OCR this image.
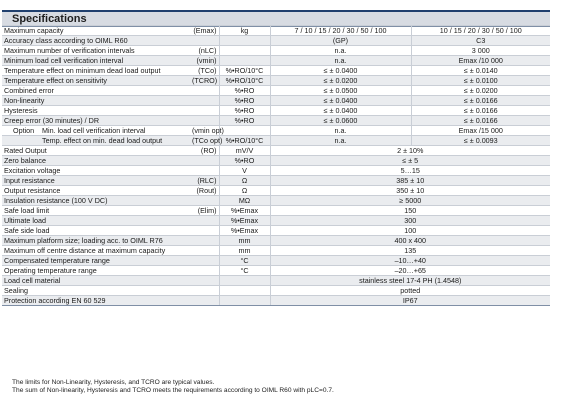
Specifications
Maximum capacity	(Emax)	kg	7 / 10 / 15 / 20 / 30 / 50 / 100	10 / 15 / 20 / 30 / 50 / 100
Accuracy class according to OIML R60			(GP)	C3
Maximum number of verification intervals	(nLC)		n.a.	3 000
Minimum load cell verification interval	(vmin)		n.a.	Emax /10 000
Temperature effect on minimum dead load output	(TCo)	%•RO/10°C	≤ ± 0.0400	≤ ± 0.0140
Temperature effect on sensitivity	(TCRO)	%•RO/10°C	≤ ± 0.0200	≤ ± 0.0100
Combined error		%•RO	≤ ± 0.0500	≤ ± 0.0200
Non-linearity		%•RO	≤ ± 0.0400	≤ ± 0.0166
Hysteresis		%•RO	≤ ± 0.0400	≤ ± 0.0166
Creep error (30 minutes) / DR		%•RO	≤ ± 0.0600	≤ ± 0.0166

Option Min. load cell verification interval	(vmin opt)		n.a.	Emax /15 000

Temp. effect on min. dead load output	(TCo opt)	%•RO/10°C	n.a.	≤ ± 0.0093
Rated Output	(RO)	mV/V	2 ± 10%	
Zero balance		%•RO	≤ ± 5	
Excitation voltage		V	5…15	
Input resistance	(RLC)	Ω	385 ± 10	
Output resistance	(Rout)	Ω	350 ± 10	
Insulation resistance (100 V DC)		MΩ	≥ 5000	
Safe load limit	(Elim)	%•Emax	150	
Ultimate load		%•Emax	300	
Safe side load		%•Emax	100	
Maximum platform size; loading acc. to OIML R76		mm	400 x 400	
Maximum off centre distance at maximum capacity		mm	135	
Compensated temperature range		°C	–10…+40	
Operating temperature range		°C	–20…+65	
Load cell material			stainless steel 17-4 PH (1.4548)	
Sealing			potted	
Protection according EN 60 529			IP67	
The limits for Non-Linearity, Hysteresis, and TCRO are typical values.
The sum of Non-linearity, Hysteresis and TCRO meets the requirements according to OIML R60 with pLC=0.7.
